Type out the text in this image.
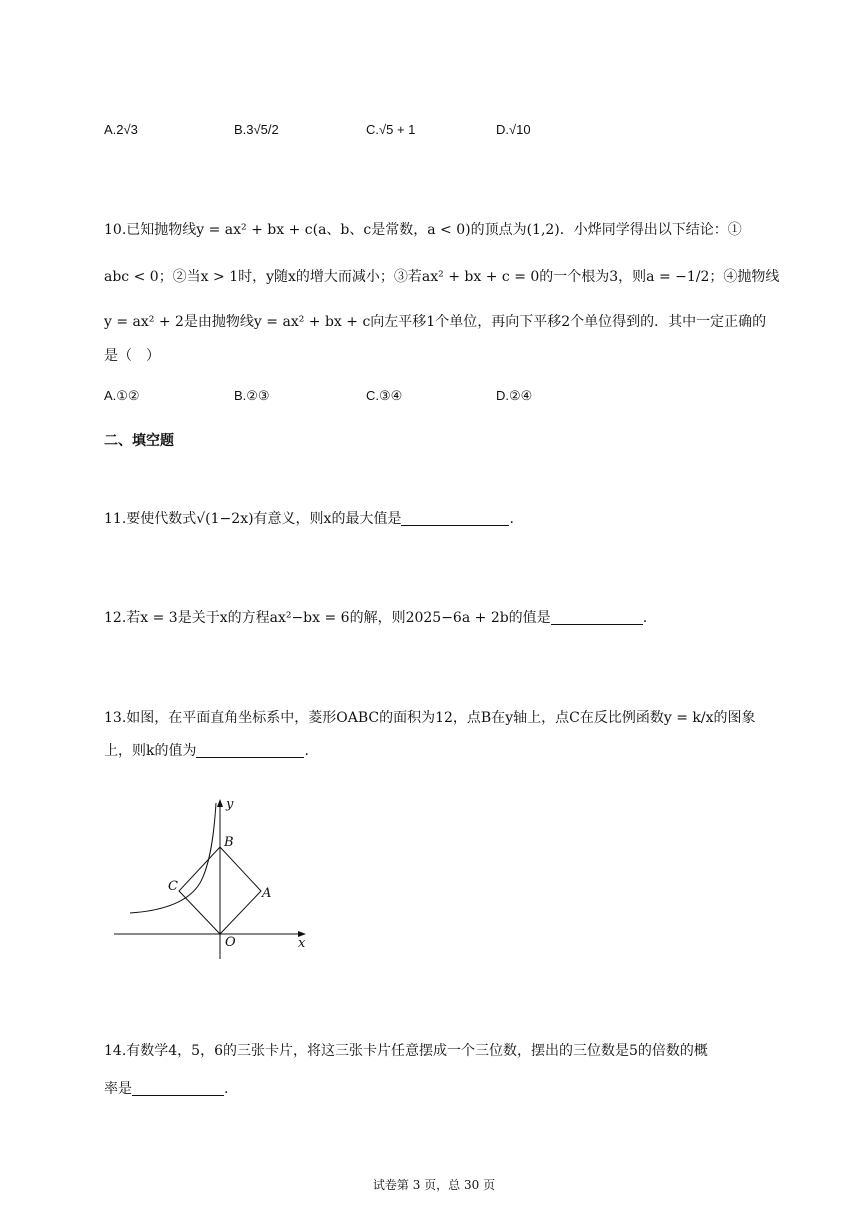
A.2√3	B.3√5/2	C.√5 + 1	D.√10
10.已知抛物线y = ax² + bx + c(a、b、c是常数，a < 0)的顶点为(1,2)．小烨同学得出以下结论：①
abc < 0；②当x > 1时，y随x的增大而减小；③若ax² + bx + c = 0的一个根为3，则a = −1/2；④抛物线
y = ax² + 2是由抛物线y = ax² + bx + c向左平移1个单位，再向下平移2个单位得到的．其中一定正确的
是（　）
A.①②	B.②③	C.③④	D.②④
二、填空题
11.要使代数式√(1−2x)有意义，则x的最大值是	.
12.若x = 3是关于x的方程ax²−bx = 6的解，则2025−6a + 2b的值是	.
13.如图，在平面直角坐标系中，菱形OABC的面积为12，点B在y轴上，点C在反比例函数y = k/x的图象
上，则k的值为	.
y
x
O
A
B
C
14.有数学4，5，6的三张卡片，将这三张卡片任意摆成一个三位数，摆出的三位数是5的倍数的概
率是	.
试卷第 3 页，总 30 页
